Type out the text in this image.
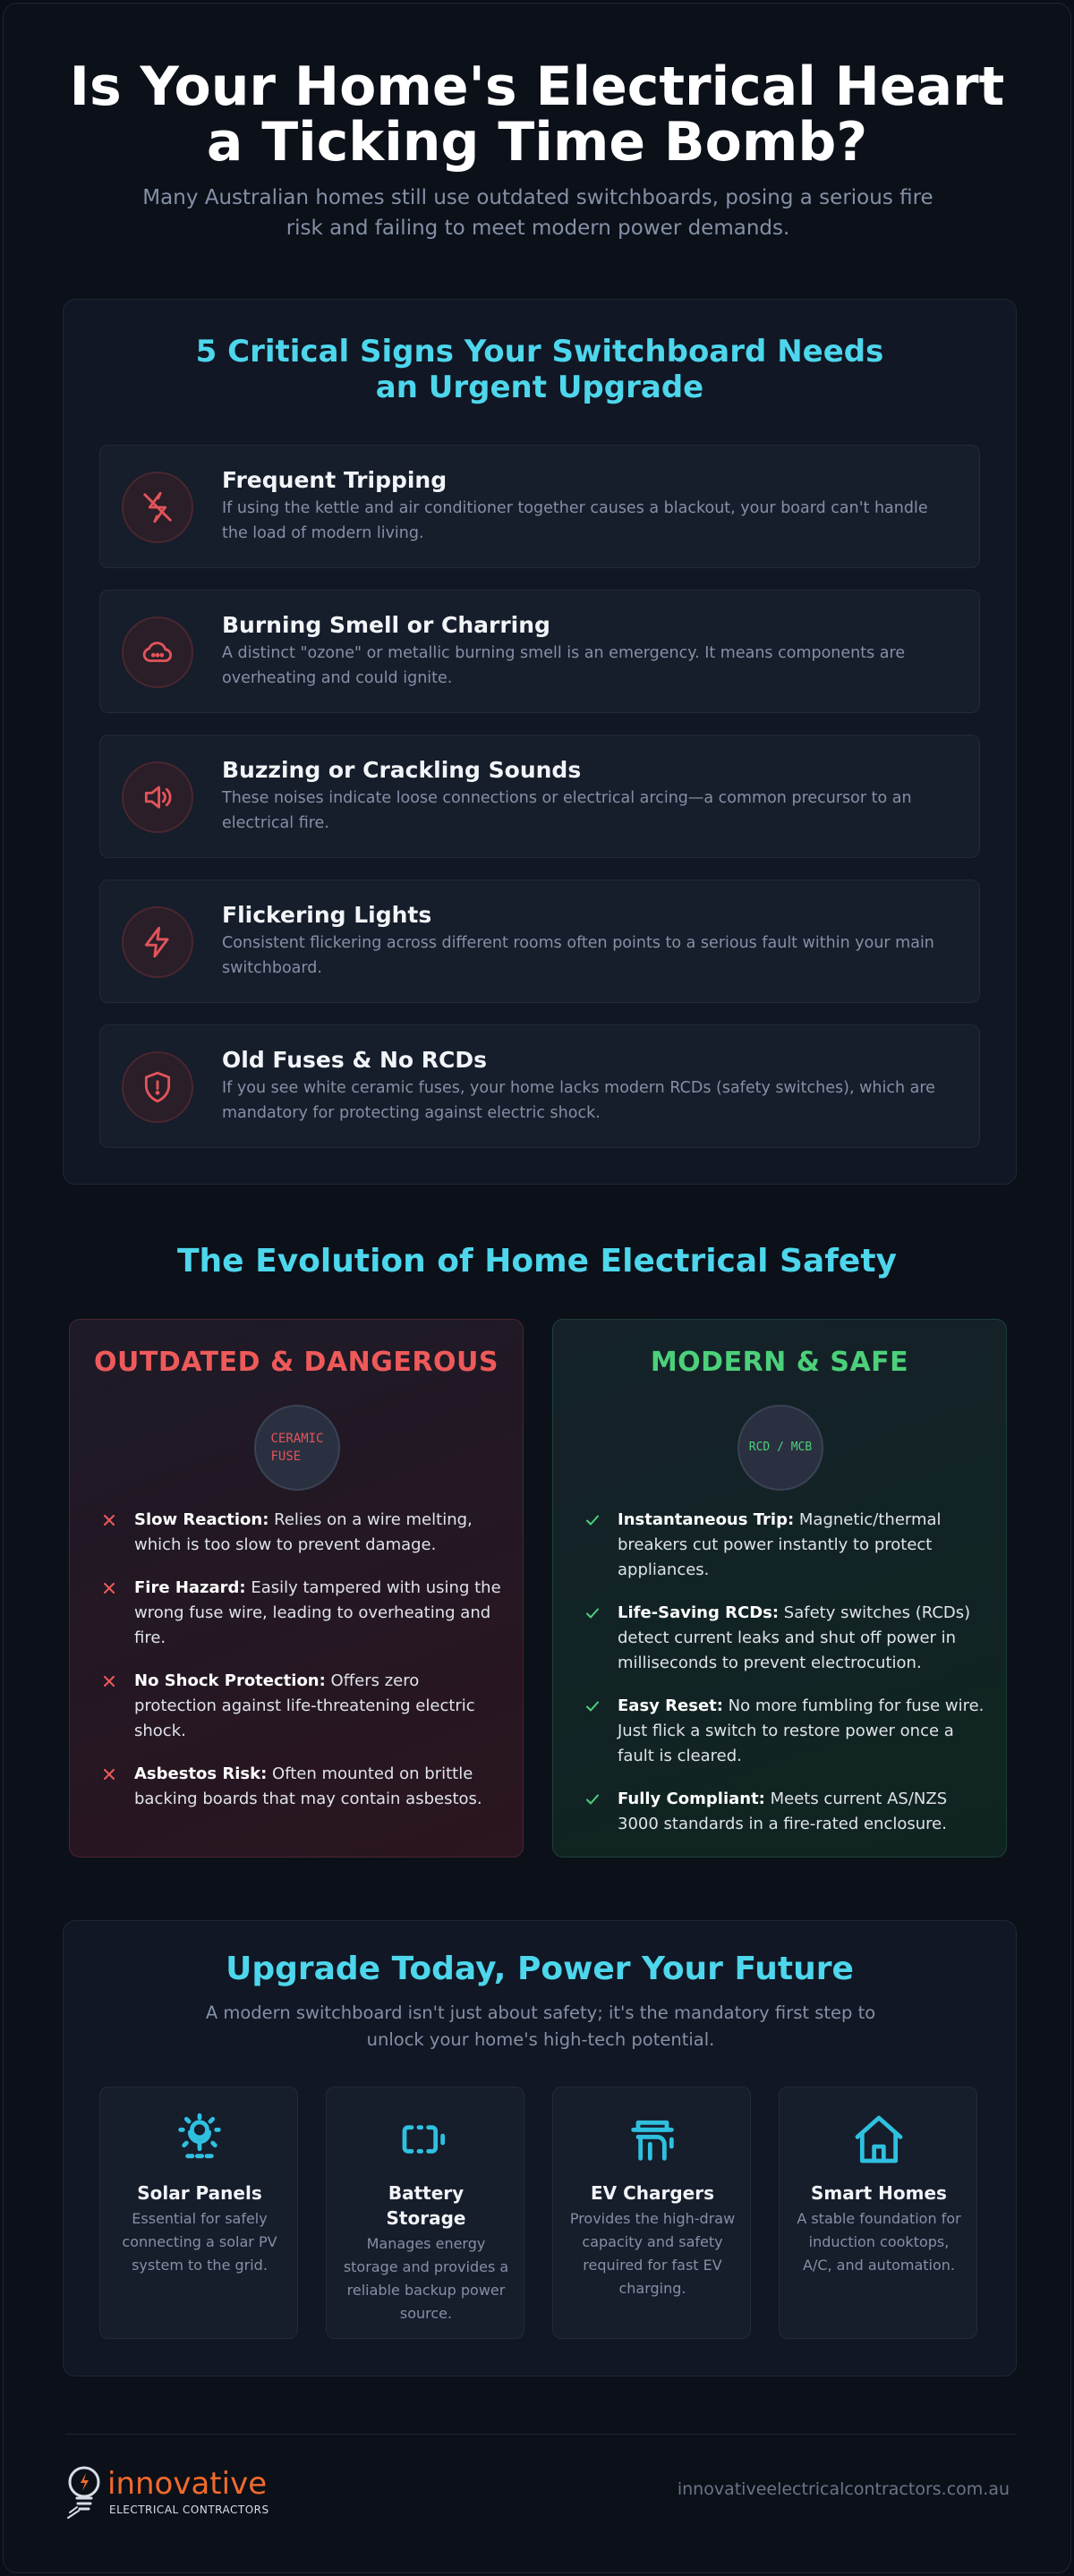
Is Your Home's Electrical Heart
a Ticking Time Bomb?

Many Australian homes still use outdated switchboards, posing a serious fire risk and failing to meet modern power demands.

5 Critical Signs Your Switchboard Needs an Urgent Upgrade
Frequent Tripping
If using the kettle and air conditioner together causes a blackout, your board can't handle the load of modern living.
Burning Smell or Charring
A distinct "ozone" or metallic burning smell is an emergency. It means components are overheating and could ignite.
Buzzing or Crackling Sounds
These noises indicate loose connections or electrical arcing—a common precursor to an electrical fire.
Flickering Lights
Consistent flickering across different rooms often points to a serious fault within your main switchboard.
Old Fuses & No RCDs
If you see white ceramic fuses, your home lacks modern RCDs (safety switches), which are mandatory for protecting against electric shock.
The Evolution of Home Electrical Safety
OUTDATED & DANGEROUS
CERAMIC
FUSE
Slow Reaction: Relies on a wire melting, which is too slow to prevent damage.
Fire Hazard: Easily tampered with using the wrong fuse wire, leading to overheating and fire.
No Shock Protection: Offers zero protection against life-threatening electric shock.
Asbestos Risk: Often mounted on brittle backing boards that may contain asbestos.
MODERN & SAFE
RCD / MCB
Instantaneous Trip: Magnetic/thermal breakers cut power instantly to protect appliances.
Life-Saving RCDs: Safety switches (RCDs) detect current leaks and shut off power in milliseconds to prevent electrocution.
Easy Reset: No more fumbling for fuse wire. Just flick a switch to restore power once a fault is cleared.
Fully Compliant: Meets current AS/NZS 3000 standards in a fire-rated enclosure.
Upgrade Today, Power Your Future

A modern switchboard isn't just about safety; it's the mandatory first step to unlock your home's high-tech potential.

Solar Panels
Essential for safely connecting a solar PV system to the grid.
Battery Storage
Manages energy storage and provides a reliable backup power source.
EV Chargers
Provides the high-draw capacity and safety required for fast EV charging.
Smart Homes
A stable foundation for induction cooktops, A/C, and automation.
innovative
ELECTRICAL CONTRACTORS
innovativeelectricalcontractors.com.au
